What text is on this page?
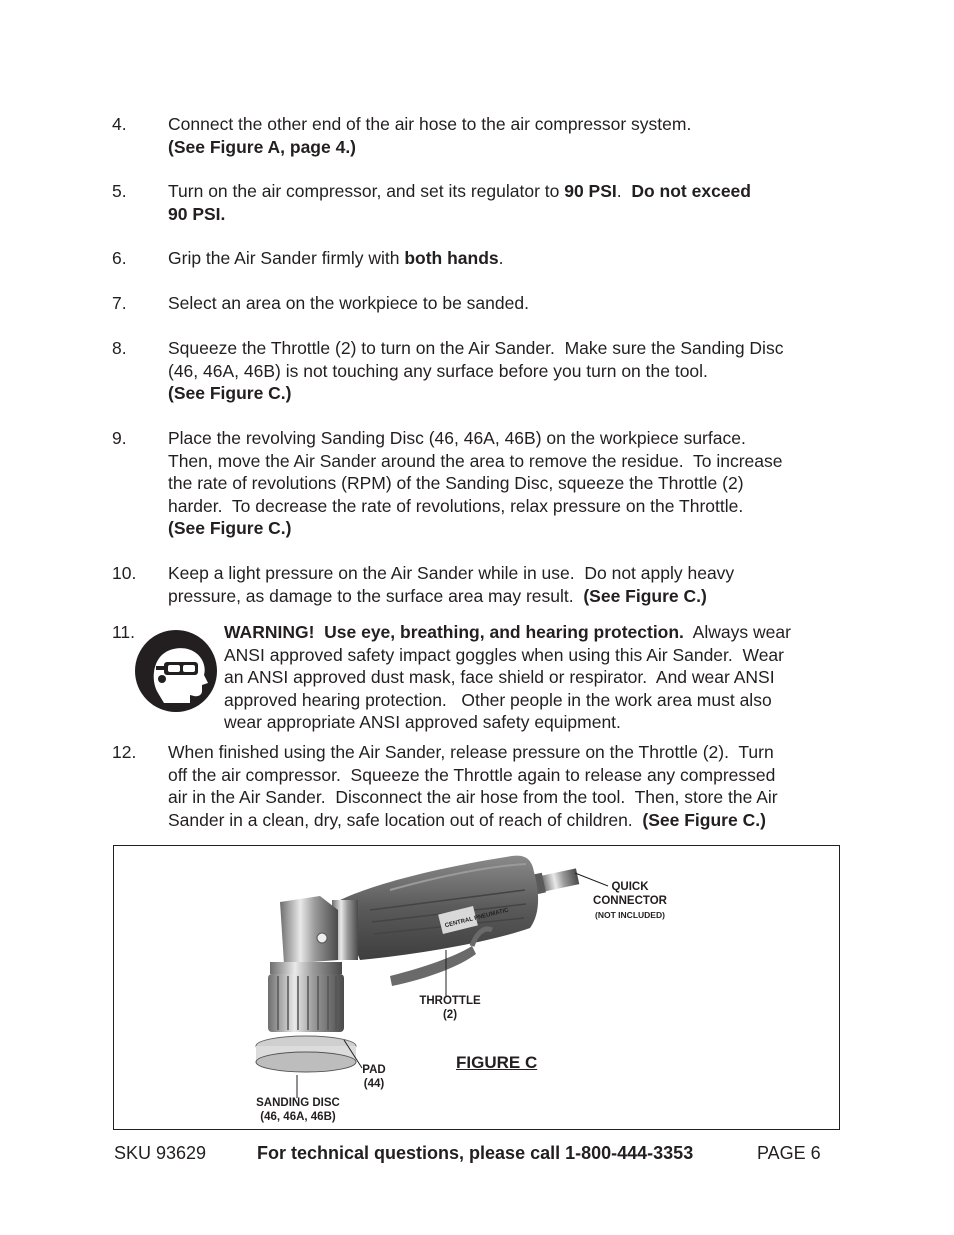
4.	Connect the other end of the air hose to the air compressor system.
(See Figure A, page 4.)
5.	Turn on the air compressor, and set its regulator to 90 PSI.  Do not exceed
90 PSI.
6.	Grip the Air Sander firmly with both hands.
7.	Select an area on the workpiece to be sanded.
8.	Squeeze the Throttle (2) to turn on the Air Sander.  Make sure the Sanding Disc
(46, 46A, 46B) is not touching any surface before you turn on the tool.
(See Figure C.)
9.	Place the revolving Sanding Disc (46, 46A, 46B) on the workpiece surface.
Then, move the Air Sander around the area to remove the residue.  To increase
the rate of revolutions (RPM) of the Sanding Disc, squeeze the Throttle (2)
harder.  To decrease the rate of revolutions, relax pressure on the Throttle.
(See Figure C.)
10.	Keep a light pressure on the Air Sander while in use.  Do not apply heavy
pressure, as damage to the surface area may result.  (See Figure C.)
11.	WARNING!  Use eye, breathing, and hearing protection.  Always wear
ANSI approved safety impact goggles when using this Air Sander.  Wear
an ANSI approved dust mask, face shield or respirator.  And wear ANSI
approved hearing protection.   Other people in the work area must also
wear appropriate ANSI approved safety equipment.
12.	When finished using the Air Sander, release pressure on the Throttle (2).  Turn
off the air compressor.  Squeeze the Throttle again to release any compressed
air in the Air Sander.  Disconnect the air hose from the tool.  Then, store the Air
Sander in a clean, dry, safe location out of reach of children.  (See Figure C.)
CENTRAL PNEUMATIC
QUICK
CONNECTOR
(NOT INCLUDED)
THROTTLE
(2)
PAD
(44)
SANDING DISC
(46, 46A, 46B)
FIGURE C
SKU 93629	For technical questions, please call 1-800-444-3353	PAGE 6
